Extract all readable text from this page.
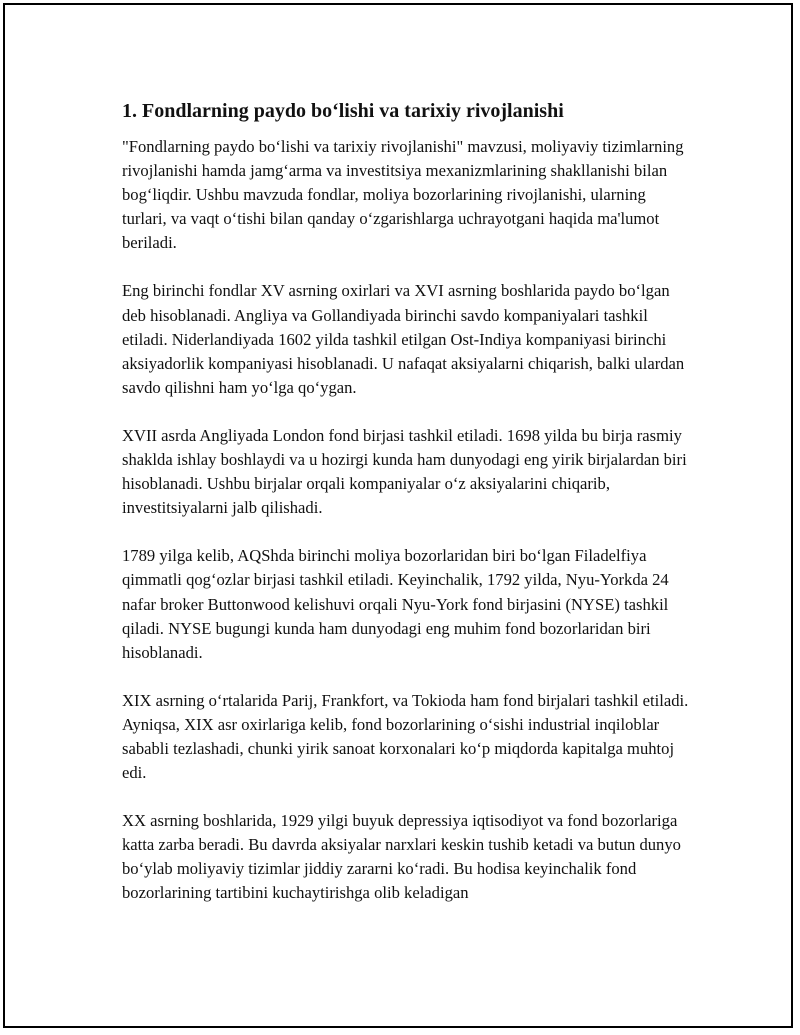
1. Fondlarning paydo bo‘lishi va tarixiy rivojlanishi

"Fondlarning paydo bo‘lishi va tarixiy rivojlanishi" mavzusi, moliyaviy tizimlarning rivojlanishi hamda jamg‘arma va investitsiya mexanizmlarining shakllanishi bilan bog‘liqdir. Ushbu mavzuda fondlar, moliya bozorlarining rivojlanishi, ularning turlari, va vaqt o‘tishi bilan qanday o‘zgarishlarga uchrayotgani haqida ma'lumot beriladi.

Eng birinchi fondlar XV asrning oxirlari va XVI asrning boshlarida paydo bo‘lgan deb hisoblanadi. Angliya va Gollandiyada birinchi savdo kompaniyalari tashkil etiladi. Niderlandiyada 1602 yilda tashkil etilgan Ost-Indiya kompaniyasi birinchi aksiyadorlik kompaniyasi hisoblanadi. U nafaqat aksiyalarni chiqarish, balki ulardan savdo qilishni ham yo‘lga qo‘ygan.

XVII asrda Angliyada London fond birjasi tashkil etiladi. 1698 yilda bu birja rasmiy shaklda ishlay boshlaydi va u hozirgi kunda ham dunyodagi eng yirik birjalardan biri hisoblanadi. Ushbu birjalar orqali kompaniyalar o‘z aksiyalarini chiqarib, investitsiyalarni jalb qilishadi.

1789 yilga kelib, AQShda birinchi moliya bozorlaridan biri bo‘lgan Filadelfiya qimmatli qog‘ozlar birjasi tashkil etiladi. Keyinchalik, 1792 yilda, Nyu-Yorkda 24 nafar broker Buttonwood kelishuvi orqali Nyu-York fond birjasini (NYSE) tashkil qiladi. NYSE bugungi kunda ham dunyodagi eng muhim fond bozorlaridan biri hisoblanadi.

XIX asrning o‘rtalarida Parij, Frankfort, va Tokioda ham fond birjalari tashkil etiladi. Ayniqsa, XIX asr oxirlariga kelib, fond bozorlarining o‘sishi industrial inqiloblar sababli tezlashadi, chunki yirik sanoat korxonalari ko‘p miqdorda kapitalga muhtoj edi.

XX asrning boshlarida, 1929 yilgi buyuk depressiya iqtisodiyot va fond bozorlariga katta zarba beradi. Bu davrda aksiyalar narxlari keskin tushib ketadi va butun dunyo bo‘ylab moliyaviy tizimlar jiddiy zararni ko‘radi. Bu hodisa keyinchalik fond bozorlarining tartibini kuchaytirishga olib keladigan
